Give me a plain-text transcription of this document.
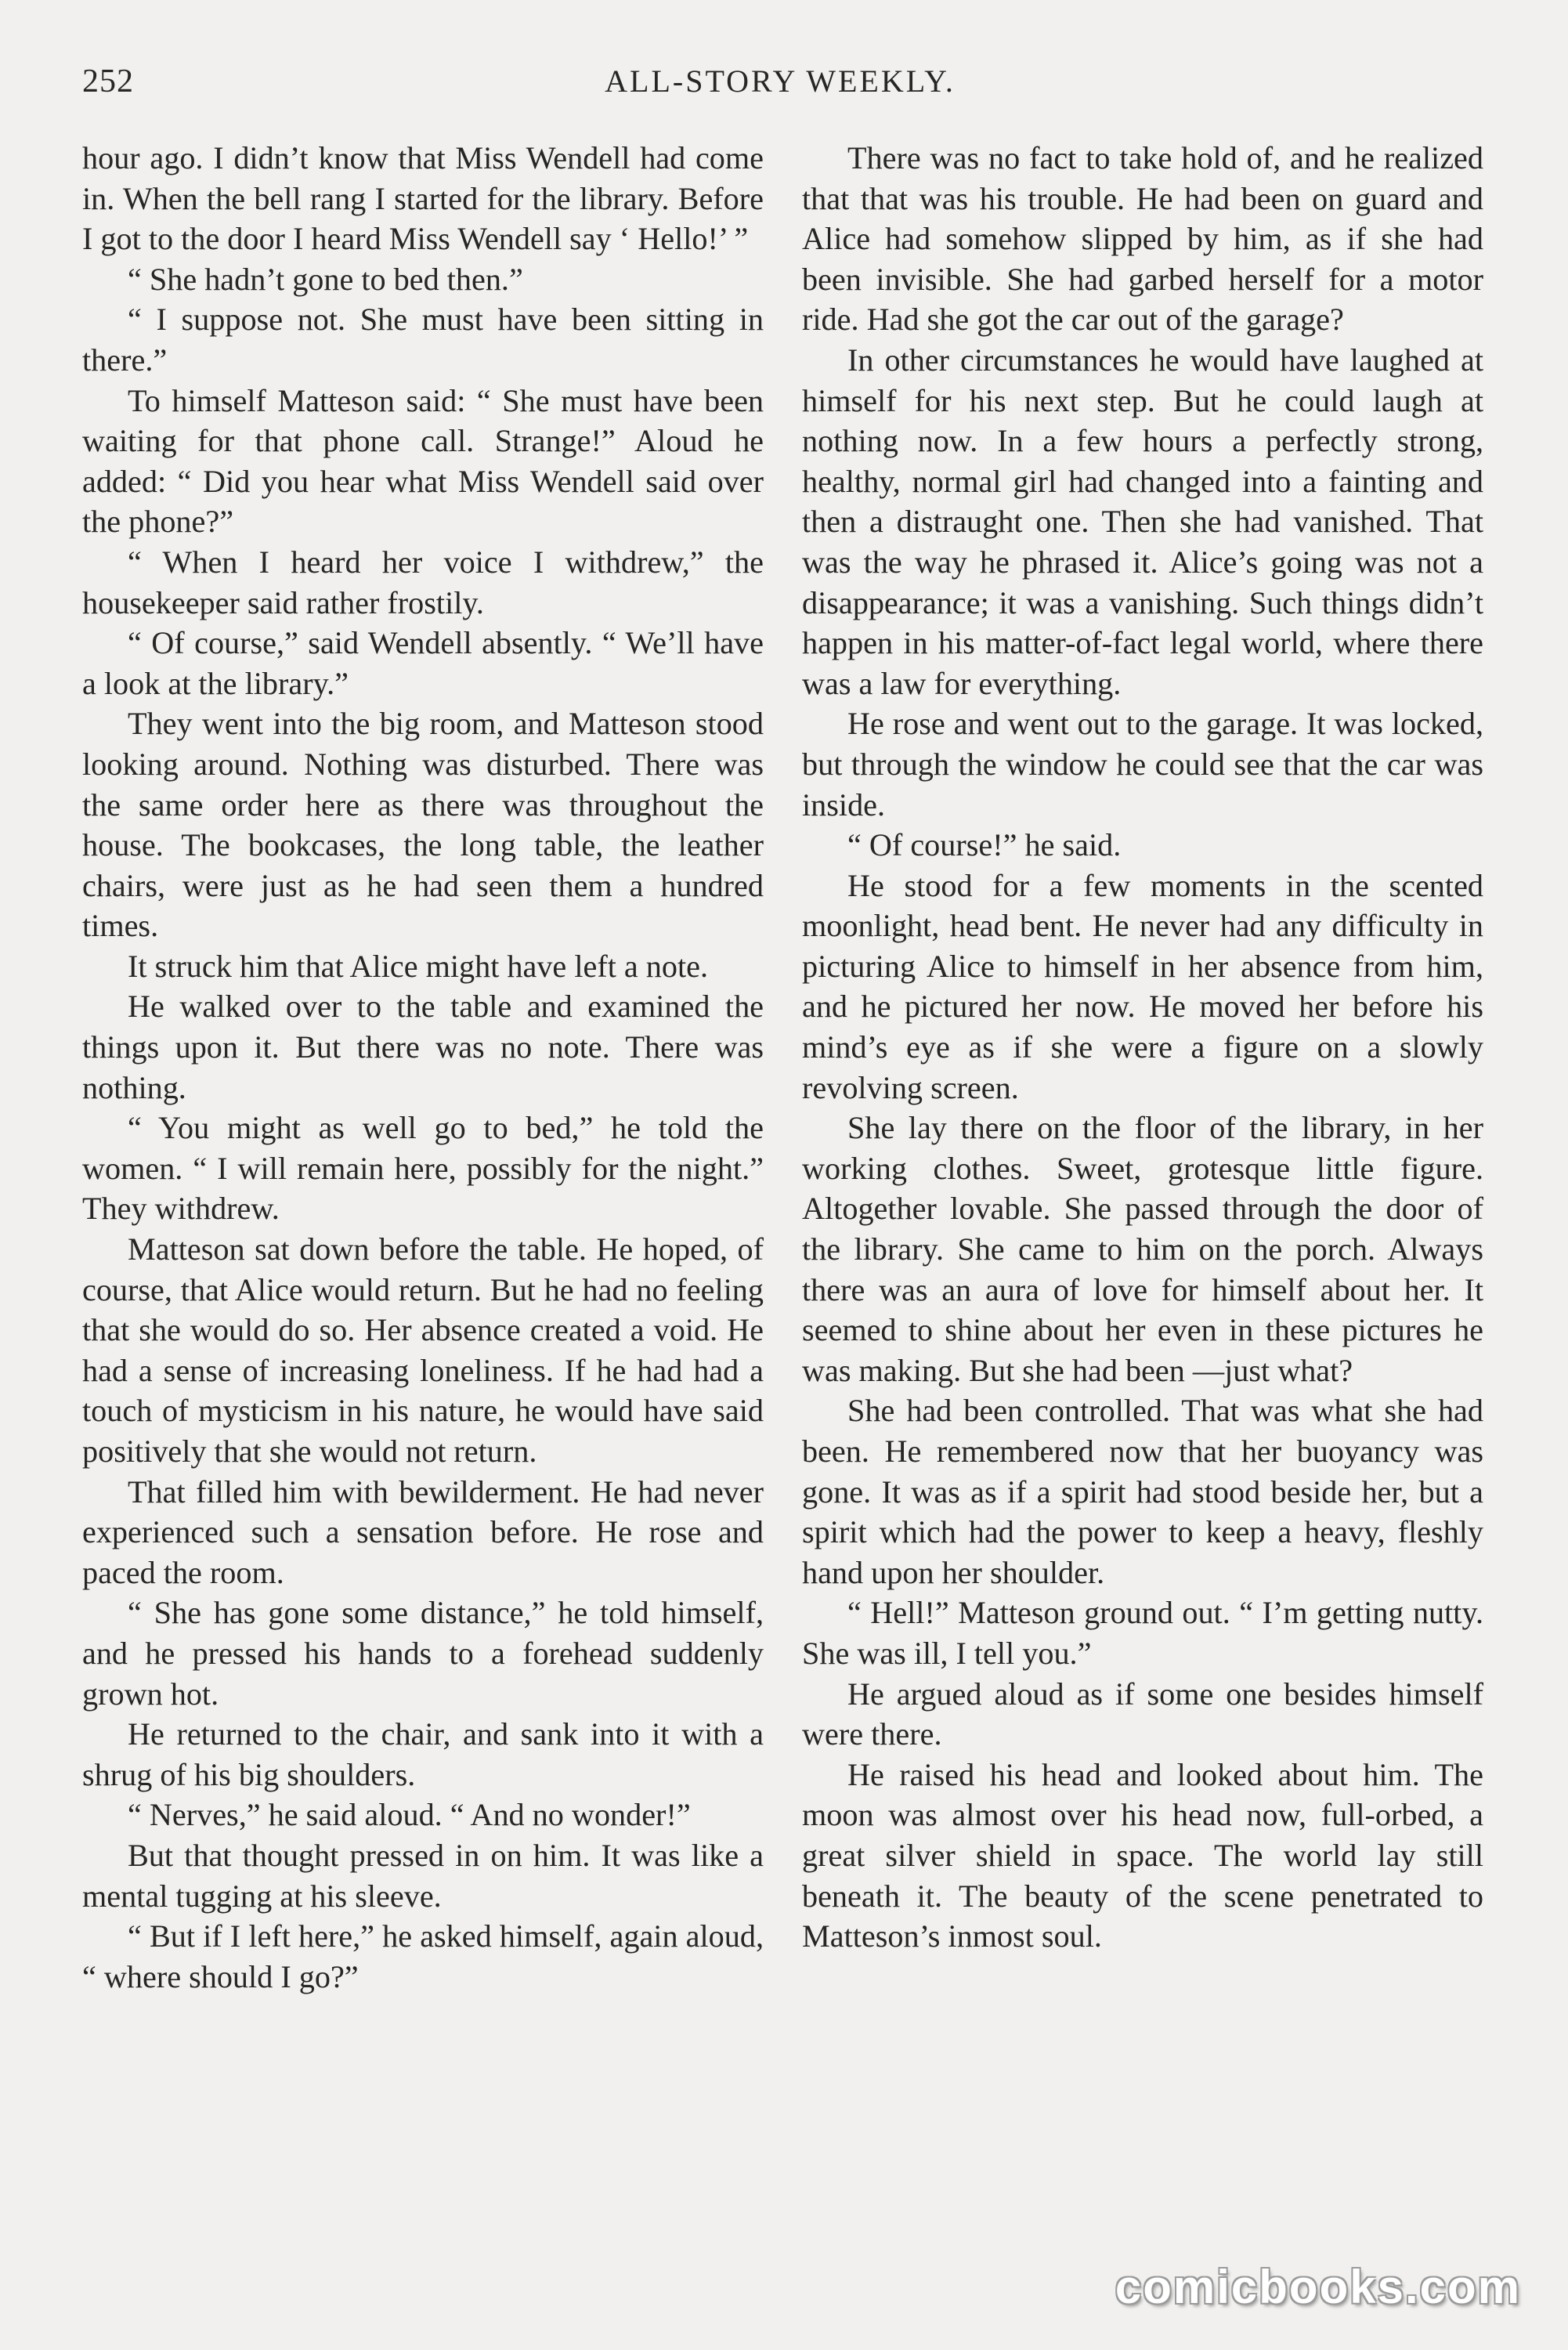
252	ALL-STORY WEEKLY.

hour ago. I didn’t know that Miss Wendell had come in. When the bell rang I started for the library. Before I got to the door I heard Miss Wendell say ‘ Hello!’ ”

“ She hadn’t gone to bed then.”

“ I suppose not. She must have been sitting in there.”

To himself Matteson said: “ She must have been waiting for that phone call. Strange!” Aloud he added: “ Did you hear what Miss Wendell said over the phone?”

“ When I heard her voice I withdrew,” the housekeeper said rather frostily.

“ Of course,” said Wendell absently. “ We’ll have a look at the library.”

They went into the big room, and Matteson stood looking around. Nothing was disturbed. There was the same order here as there was throughout the house. The bookcases, the long table, the leather chairs, were just as he had seen them a hundred times.

It struck him that Alice might have left a note.

He walked over to the table and examined the things upon it. But there was no note. There was nothing.

“ You might as well go to bed,” he told the women. “ I will remain here, possibly for the night.” They withdrew.

Matteson sat down before the table. He hoped, of course, that Alice would return. But he had no feeling that she would do so. Her absence created a void. He had a sense of increasing loneliness. If he had had a touch of mysticism in his nature, he would have said positively that she would not return.

That filled him with bewilderment. He had never experienced such a sensation before. He rose and paced the room.

“ She has gone some distance,” he told himself, and he pressed his hands to a forehead suddenly grown hot.

He returned to the chair, and sank into it with a shrug of his big shoulders.

“ Nerves,” he said aloud. “ And no wonder!”

But that thought pressed in on him. It was like a mental tugging at his sleeve.

“ But if I left here,” he asked himself, again aloud, “ where should I go?”

There was no fact to take hold of, and he realized that that was his trouble. He had been on guard and Alice had somehow slipped by him, as if she had been invisible. She had garbed herself for a motor ride. Had she got the car out of the garage?

In other circumstances he would have laughed at himself for his next step. But he could laugh at nothing now. In a few hours a perfectly strong, healthy, normal girl had changed into a fainting and then a distraught one. Then she had vanished. That was the way he phrased it. Alice’s going was not a disappearance; it was a vanishing. Such things didn’t happen in his matter-of-fact legal world, where there was a law for everything.

He rose and went out to the garage. It was locked, but through the window he could see that the car was inside.

“ Of course!” he said.

He stood for a few moments in the scented moonlight, head bent. He never had any difficulty in picturing Alice to himself in her absence from him, and he pictured her now. He moved her before his mind’s eye as if she were a figure on a slowly revolving screen.

She lay there on the floor of the library, in her working clothes. Sweet, grotesque little figure. Altogether lovable. She passed through the door of the library. She came to him on the porch. Always there was an aura of love for himself about her. It seemed to shine about her even in these pictures he was making. But she had been —just what?

She had been controlled. That was what she had been. He remembered now that her buoyancy was gone. It was as if a spirit had stood beside her, but a spirit which had the power to keep a heavy, fleshly hand upon her shoulder.

“ Hell!” Matteson ground out. “ I’m getting nutty. She was ill, I tell you.”

He argued aloud as if some one besides himself were there.

He raised his head and looked about him. The moon was almost over his head now, full-orbed, a great silver shield in space. The world lay still beneath it. The beauty of the scene penetrated to Matteson’s inmost soul.

comicbooks.com
